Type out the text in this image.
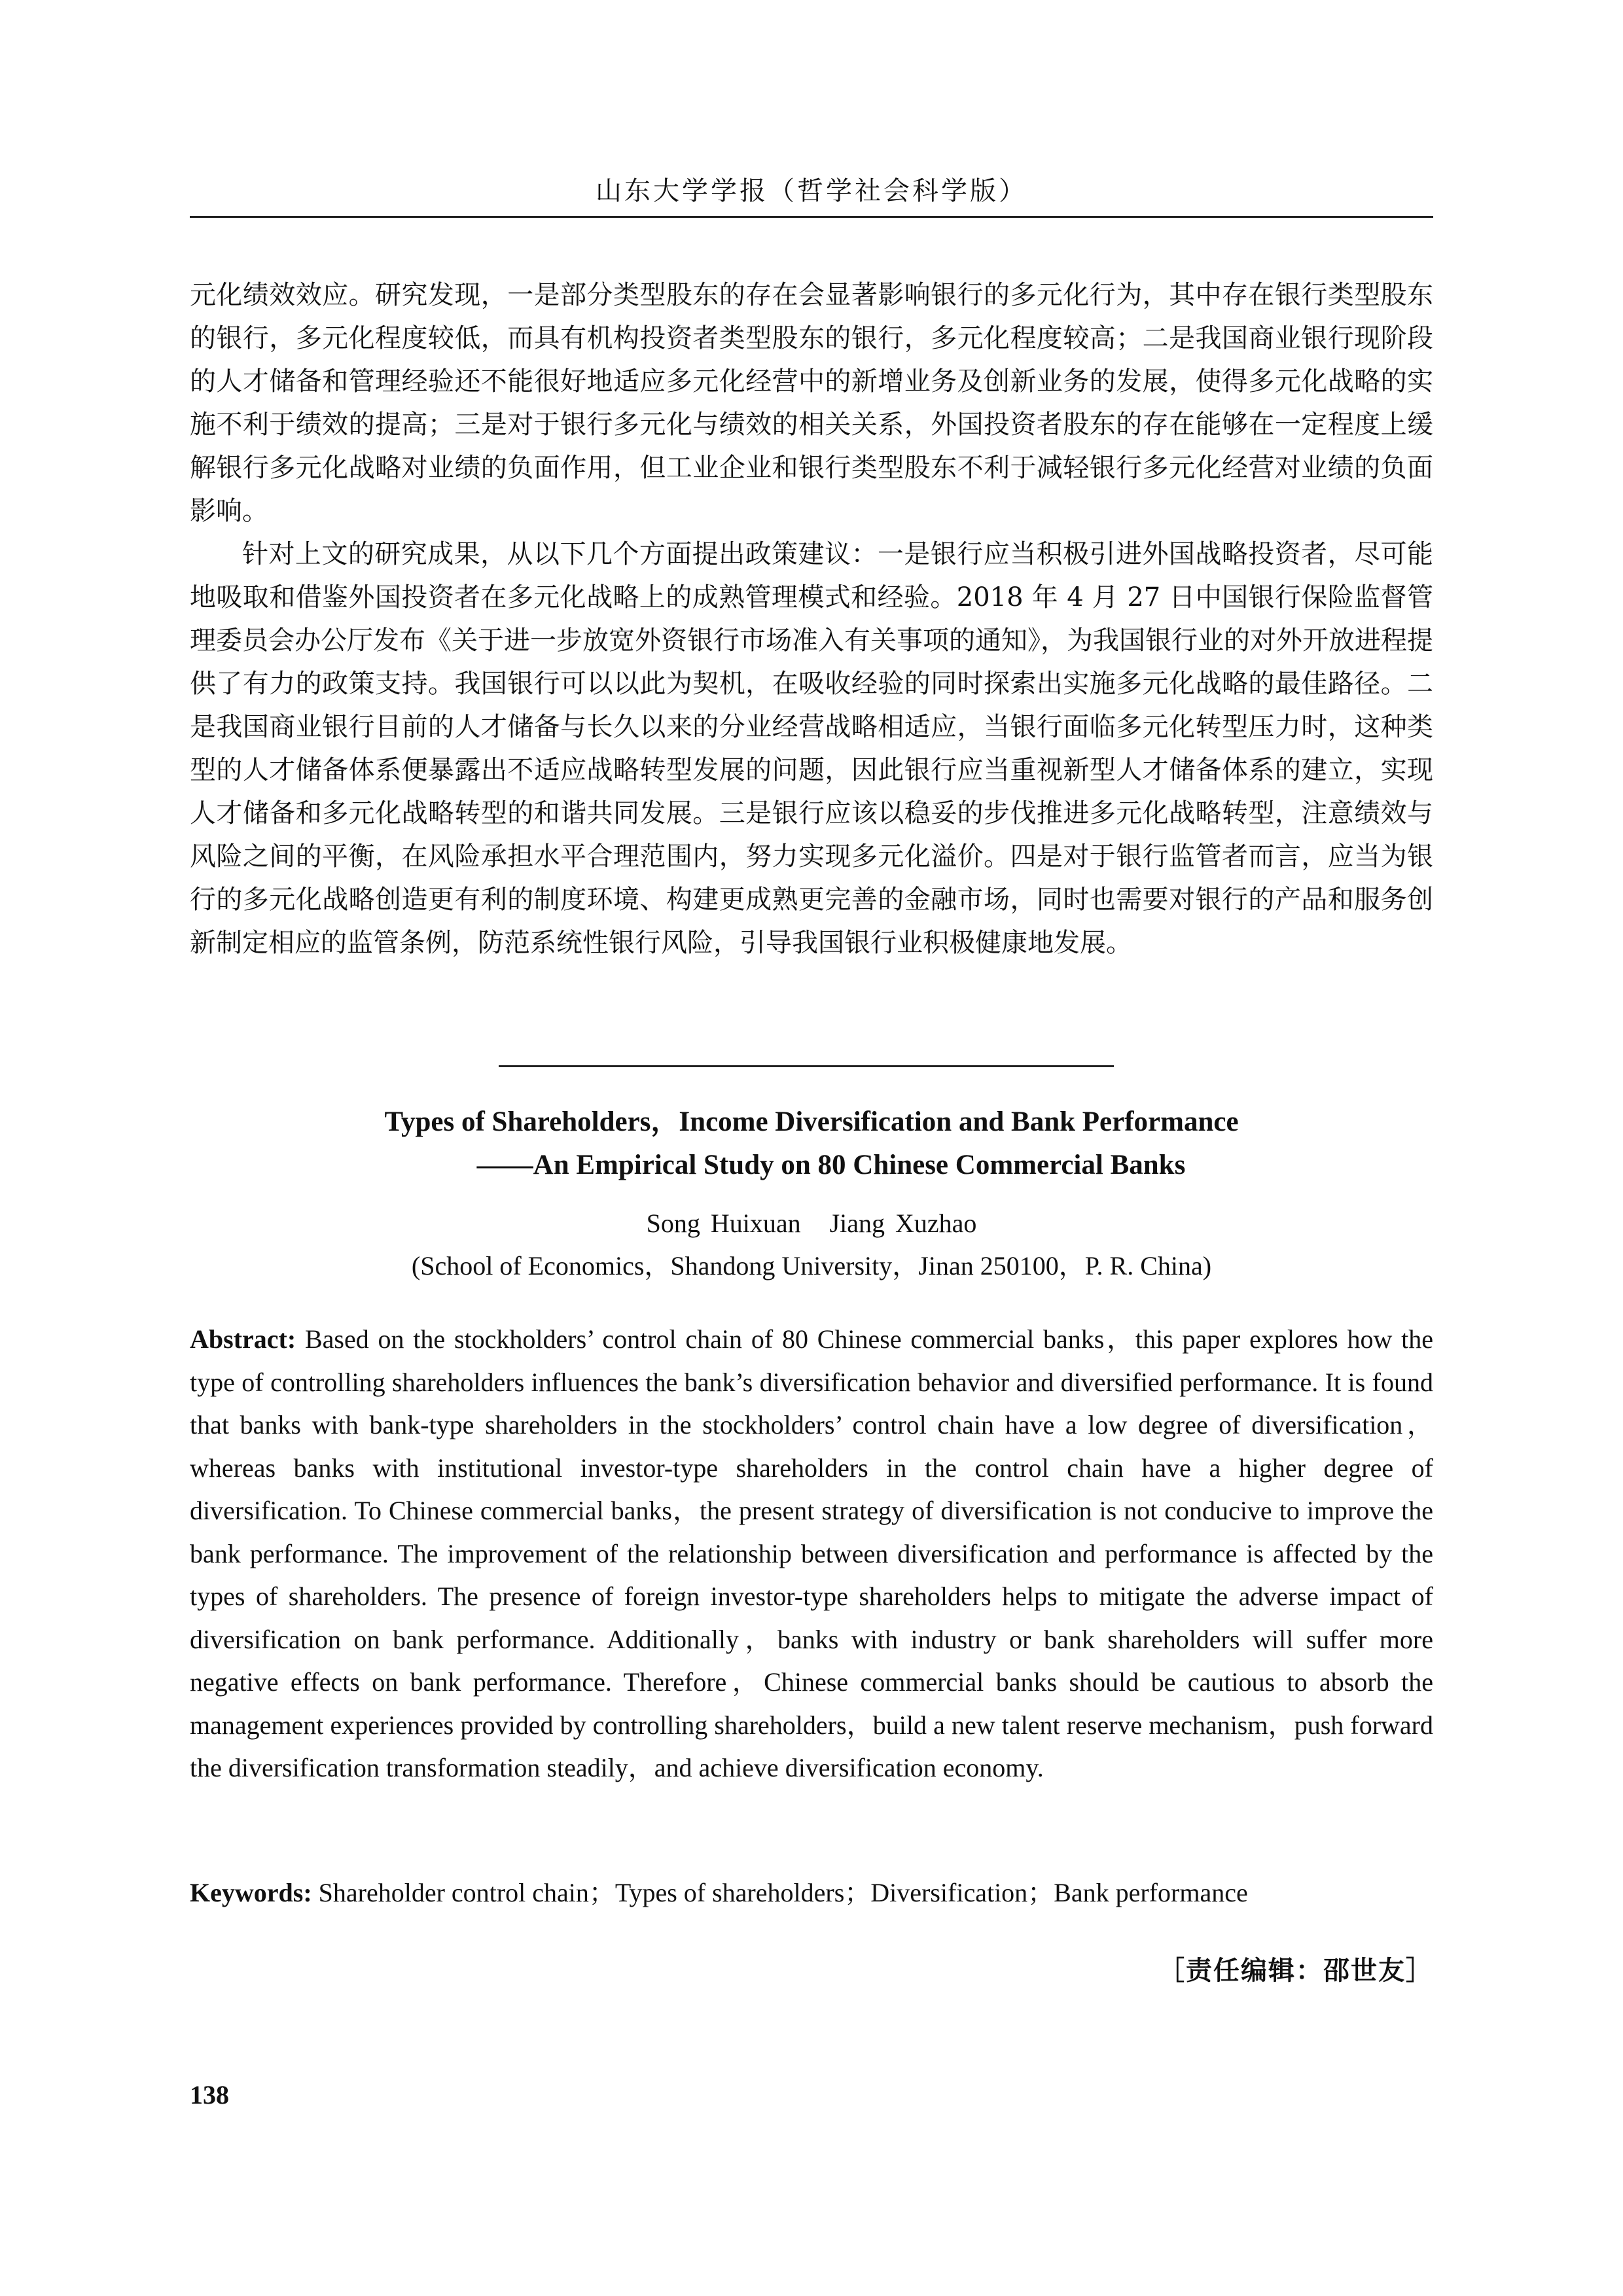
山东大学学报（哲学社会科学版）

元化绩效效应。研究发现，一是部分类型股东的存在会显著影响银行的多元化行为，其中存在银行类型股东的银行，多元化程度较低，而具有机构投资者类型股东的银行，多元化程度较高；二是我国商业银行现阶段的人才储备和管理经验还不能很好地适应多元化经营中的新增业务及创新业务的发展，使得多元化战略的实施不利于绩效的提高；三是对于银行多元化与绩效的相关关系，外国投资者股东的存在能够在一定程度上缓解银行多元化战略对业绩的负面作用，但工业企业和银行类型股东不利于减轻银行多元化经营对业绩的负面影响。

针对上文的研究成果，从以下几个方面提出政策建议：一是银行应当积极引进外国战略投资者，尽可能地吸取和借鉴外国投资者在多元化战略上的成熟管理模式和经验。2018 年 4 月 27 日中国银行保险监督管理委员会办公厅发布《关于进一步放宽外资银行市场准入有关事项的通知》，为我国银行业的对外开放进程提供了有力的政策支持。我国银行可以以此为契机，在吸收经验的同时探索出实施多元化战略的最佳路径。二是我国商业银行目前的人才储备与长久以来的分业经营战略相适应，当银行面临多元化转型压力时，这种类型的人才储备体系便暴露出不适应战略转型发展的问题，因此银行应当重视新型人才储备体系的建立，实现人才储备和多元化战略转型的和谐共同发展。三是银行应该以稳妥的步伐推进多元化战略转型，注意绩效与风险之间的平衡，在风险承担水平合理范围内，努力实现多元化溢价。四是对于银行监管者而言，应当为银行的多元化战略创造更有利的制度环境、构建更成熟更完善的金融市场，同时也需要对银行的产品和服务创新制定相应的监管条例，防范系统性银行风险，引导我国银行业积极健康地发展。

Types of Shareholders，Income Diversification and Bank Performance
——An Empirical Study on 80 Chinese Commercial Banks
Song Huixuan Jiang Xuzhao
(School of Economics，Shandong University，Jinan 250100，P. R. China)
Abstract: Based on the stockholders’ control chain of 80 Chinese commercial banks，this paper explores how the type of controlling shareholders influences the bank’s diversification behavior and diversified performance. It is found that banks with bank-type shareholders in the stockholders’ control chain have a low degree of diversification，whereas banks with institutional investor-type shareholders in the control chain have a higher degree of diversification. To Chinese commercial banks，the present strategy of diversification is not conducive to improve the bank performance. The improvement of the relationship between diversification and performance is affected by the types of shareholders. The presence of foreign investor-type shareholders helps to mitigate the adverse impact of diversification on bank performance. Additionally，banks with industry or bank shareholders will suffer more negative effects on bank performance. Therefore，Chinese commercial banks should be cautious to absorb the management experiences provided by controlling shareholders，build a new talent reserve mechanism，push forward the diversification transformation steadily，and achieve diversification economy.
Keywords: Shareholder control chain；Types of shareholders；Diversification；Bank performance
［责任编辑：邵世友］
138
